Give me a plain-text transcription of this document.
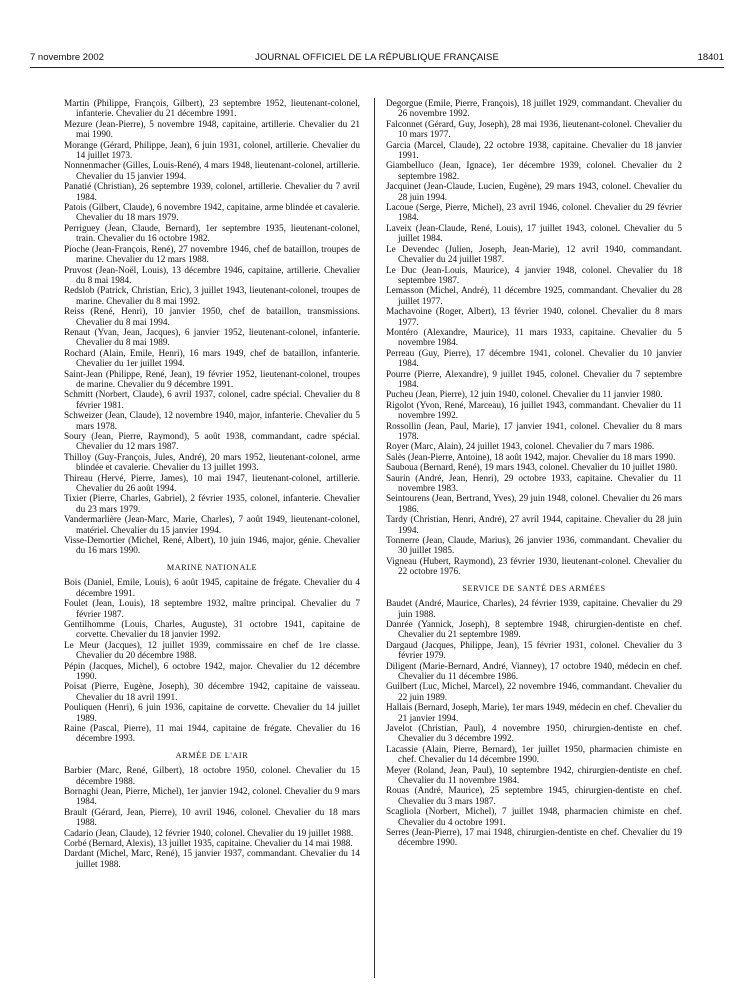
7 novembre 2002	JOURNAL OFFICIEL DE LA RÉPUBLIQUE FRANÇAISE	18401

Martin (Philippe, François, Gilbert), 23 septembre 1952, lieutenant-colonel, infanterie. Chevalier du 21 décembre 1991.

Mezure (Jean-Pierre), 5 novembre 1948, capitaine, artillerie. Chevalier du 21 mai 1990.

Morange (Gérard, Philippe, Jean), 6 juin 1931, colonel, artillerie. Chevalier du 14 juillet 1973.

Nonnenmacher (Gilles, Louis-René), 4 mars 1948, lieutenant-colonel, artillerie. Chevalier du 15 janvier 1994.

Panatié (Christian), 26 septembre 1939, colonel, artillerie. Chevalier du 7 avril 1984.

Patois (Gilbert, Claude), 6 novembre 1942, capitaine, arme blindée et cavalerie. Chevalier du 18 mars 1979.

Perriguey (Jean, Claude, Bernard), 1er septembre 1935, lieutenant-colonel, train. Chevalier du 16 octobre 1982.

Pioche (Jean-François, René), 27 novembre 1946, chef de bataillon, troupes de marine. Chevalier du 12 mars 1988.

Pruvost (Jean-Noël, Louis), 13 décembre 1946, capitaine, artillerie. Chevalier du 8 mai 1984.

Redslob (Patrick, Christian, Eric), 3 juillet 1943, lieutenant-colonel, troupes de marine. Chevalier du 8 mai 1992.

Reiss (René, Henri), 10 janvier 1950, chef de bataillon, transmissions. Chevalier du 8 mai 1994.

Renaut (Yvan, Jean, Jacques), 6 janvier 1952, lieutenant-colonel, infanterie. Chevalier du 8 mai 1989.

Rochard (Alain, Emile, Henri), 16 mars 1949, chef de bataillon, infanterie. Chevalier du 1er juillet 1994.

Saint-Jean (Philippe, René, Jean), 19 février 1952, lieutenant-colonel, troupes de marine. Chevalier du 9 décembre 1991.

Schmitt (Norbert, Claude), 6 avril 1937, colonel, cadre spécial. Chevalier du 8 février 1981.

Schweizer (Jean, Claude), 12 novembre 1940, major, infanterie. Chevalier du 5 mars 1978.

Soury (Jean, Pierre, Raymond), 5 août 1938, commandant, cadre spécial. Chevalier du 12 mars 1987.

Thilloy (Guy-François, Jules, André), 20 mars 1952, lieutenant-colonel, arme blindée et cavalerie. Chevalier du 13 juillet 1993.

Thireau (Hervé, Pierre, James), 10 mai 1947, lieutenant-colonel, artillerie. Chevalier du 26 août 1994.

Tixier (Pierre, Charles, Gabriel), 2 février 1935, colonel, infanterie. Chevalier du 23 mars 1979.

Vandermarlière (Jean-Marc, Marie, Charles), 7 août 1949, lieutenant-colonel, matériel. Chevalier du 15 janvier 1994.

Visse-Demortier (Michel, René, Albert), 10 juin 1946, major, génie. Chevalier du 16 mars 1990.

MARINE NATIONALE

Bois (Daniel, Emile, Louis), 6 août 1945, capitaine de frégate. Chevalier du 4 décembre 1991.

Foulet (Jean, Louis), 18 septembre 1932, maître principal. Chevalier du 7 février 1987.

Gentilhomme (Louis, Charles, Auguste), 31 octobre 1941, capitaine de corvette. Chevalier du 18 janvier 1992.

Le Meur (Jacques), 12 juillet 1939, commissaire en chef de 1re classe. Chevalier du 20 décembre 1988.

Pépin (Jacques, Michel), 6 octobre 1942, major. Chevalier du 12 décembre 1990.

Poisat (Pierre, Eugène, Joseph), 30 décembre 1942, capitaine de vaisseau. Chevalier du 18 avril 1991.

Pouliquen (Henri), 6 juin 1936, capitaine de corvette. Chevalier du 14 juillet 1989.

Raine (Pascal, Pierre), 11 mai 1944, capitaine de frégate. Chevalier du 16 décembre 1993.

ARMÉE DE L'AIR

Barbier (Marc, René, Gilbert), 18 octobre 1950, colonel. Chevalier du 15 décembre 1988.

Bornaghi (Jean, Pierre, Michel), 1er janvier 1942, colonel. Chevalier du 9 mars 1984.

Brault (Gérard, Jean, Pierre), 10 avril 1946, colonel. Chevalier du 18 mars 1988.

Cadario (Jean, Claude), 12 février 1940, colonel. Chevalier du 19 juillet 1988.

Corbé (Bernard, Alexis), 13 juillet 1935, capitaine. Chevalier du 14 mai 1988.

Dardant (Michel, Marc, René), 15 janvier 1937, commandant. Chevalier du 14 juillet 1988.

Degorgue (Emile, Pierre, François), 18 juillet 1929, commandant. Chevalier du 26 novembre 1992.

Falconnet (Gérard, Guy, Joseph), 28 mai 1936, lieutenant-colonel. Chevalier du 10 mars 1977.

Garcia (Marcel, Claude), 22 octobre 1938, capitaine. Chevalier du 18 janvier 1991.

Giambelluco (Jean, Ignace), 1er décembre 1939, colonel. Chevalier du 2 septembre 1982.

Jacquinet (Jean-Claude, Lucien, Eugène), 29 mars 1943, colonel. Chevalier du 28 juin 1994.

Lacoue (Serge, Pierre, Michel), 23 avril 1946, colonel. Chevalier du 29 février 1984.

Laveix (Jean-Claude, René, Louis), 17 juillet 1943, colonel. Chevalier du 5 juillet 1984.

Le Devendec (Julien, Joseph, Jean-Marie), 12 avril 1940, commandant. Chevalier du 24 juillet 1987.

Le Duc (Jean-Louis, Maurice), 4 janvier 1948, colonel. Chevalier du 18 septembre 1987.

Lemasson (Michel, André), 11 décembre 1925, commandant. Chevalier du 28 juillet 1977.

Machavoine (Roger, Albert), 13 février 1940, colonel. Chevalier du 8 mars 1977.

Montéro (Alexandre, Maurice), 11 mars 1933, capitaine. Chevalier du 5 novembre 1984.

Perreau (Guy, Pierre), 17 décembre 1941, colonel. Chevalier du 10 janvier 1984.

Pourre (Pierre, Alexandre), 9 juillet 1945, colonel. Chevalier du 7 septembre 1984.

Pucheu (Jean, Pierre), 12 juin 1940, colonel. Chevalier du 11 janvier 1980.

Rigolot (Yvon, René, Marceau), 16 juillet 1943, commandant. Chevalier du 11 novembre 1992.

Rossollin (Jean, Paul, Marie), 17 janvier 1941, colonel. Chevalier du 8 mars 1978.

Royer (Marc, Alain), 24 juillet 1943, colonel. Chevalier du 7 mars 1986.

Salès (Jean-Pierre, Antoine), 18 août 1942, major. Chevalier du 18 mars 1990.

Sauboua (Bernard, René), 19 mars 1943, colonel. Chevalier du 10 juillet 1980.

Saurin (André, Jean, Henri), 29 octobre 1933, capitaine. Chevalier du 11 novembre 1983.

Seintourens (Jean, Bertrand, Yves), 29 juin 1948, colonel. Chevalier du 26 mars 1986.

Tardy (Christian, Henri, André), 27 avril 1944, capitaine. Chevalier du 28 juin 1994.

Tonnerre (Jean, Claude, Marius), 26 janvier 1936, commandant. Chevalier du 30 juillet 1985.

Vigneau (Hubert, Raymond), 23 février 1930, lieutenant-colonel. Chevalier du 22 octobre 1976.

SERVICE DE SANTÉ DES ARMÉES

Baudet (André, Maurice, Charles), 24 février 1939, capitaine. Chevalier du 29 juin 1988.

Danrée (Yannick, Joseph), 8 septembre 1948, chirurgien-dentiste en chef. Chevalier du 21 septembre 1989.

Dargaud (Jacques, Philippe, Jean), 15 février 1931, colonel. Chevalier du 3 février 1979.

Diligent (Marie-Bernard, André, Vianney), 17 octobre 1940, médecin en chef. Chevalier du 11 décembre 1986.

Guilbert (Luc, Michel, Marcel), 22 novembre 1946, commandant. Chevalier du 22 juin 1989.

Hallais (Bernard, Joseph, Marie), 1er mars 1949, médecin en chef. Chevalier du 21 janvier 1994.

Javelot (Christian, Paul), 4 novembre 1950, chirurgien-dentiste en chef. Chevalier du 3 décembre 1992.

Lacassie (Alain, Pierre, Bernard), 1er juillet 1950, pharmacien chimiste en chef. Chevalier du 14 décembre 1990.

Meyer (Roland, Jean, Paul), 10 septembre 1942, chirurgien-dentiste en chef. Chevalier du 11 novembre 1984.

Rouas (André, Maurice), 25 septembre 1945, chirurgien-dentiste en chef. Chevalier du 3 mars 1987.

Scagliola (Norbert, Michel), 7 juillet 1948, pharmacien chimiste en chef. Chevalier du 4 octobre 1991.

Serres (Jean-Pierre), 17 mai 1948, chirurgien-dentiste en chef. Chevalier du 19 décembre 1990.
